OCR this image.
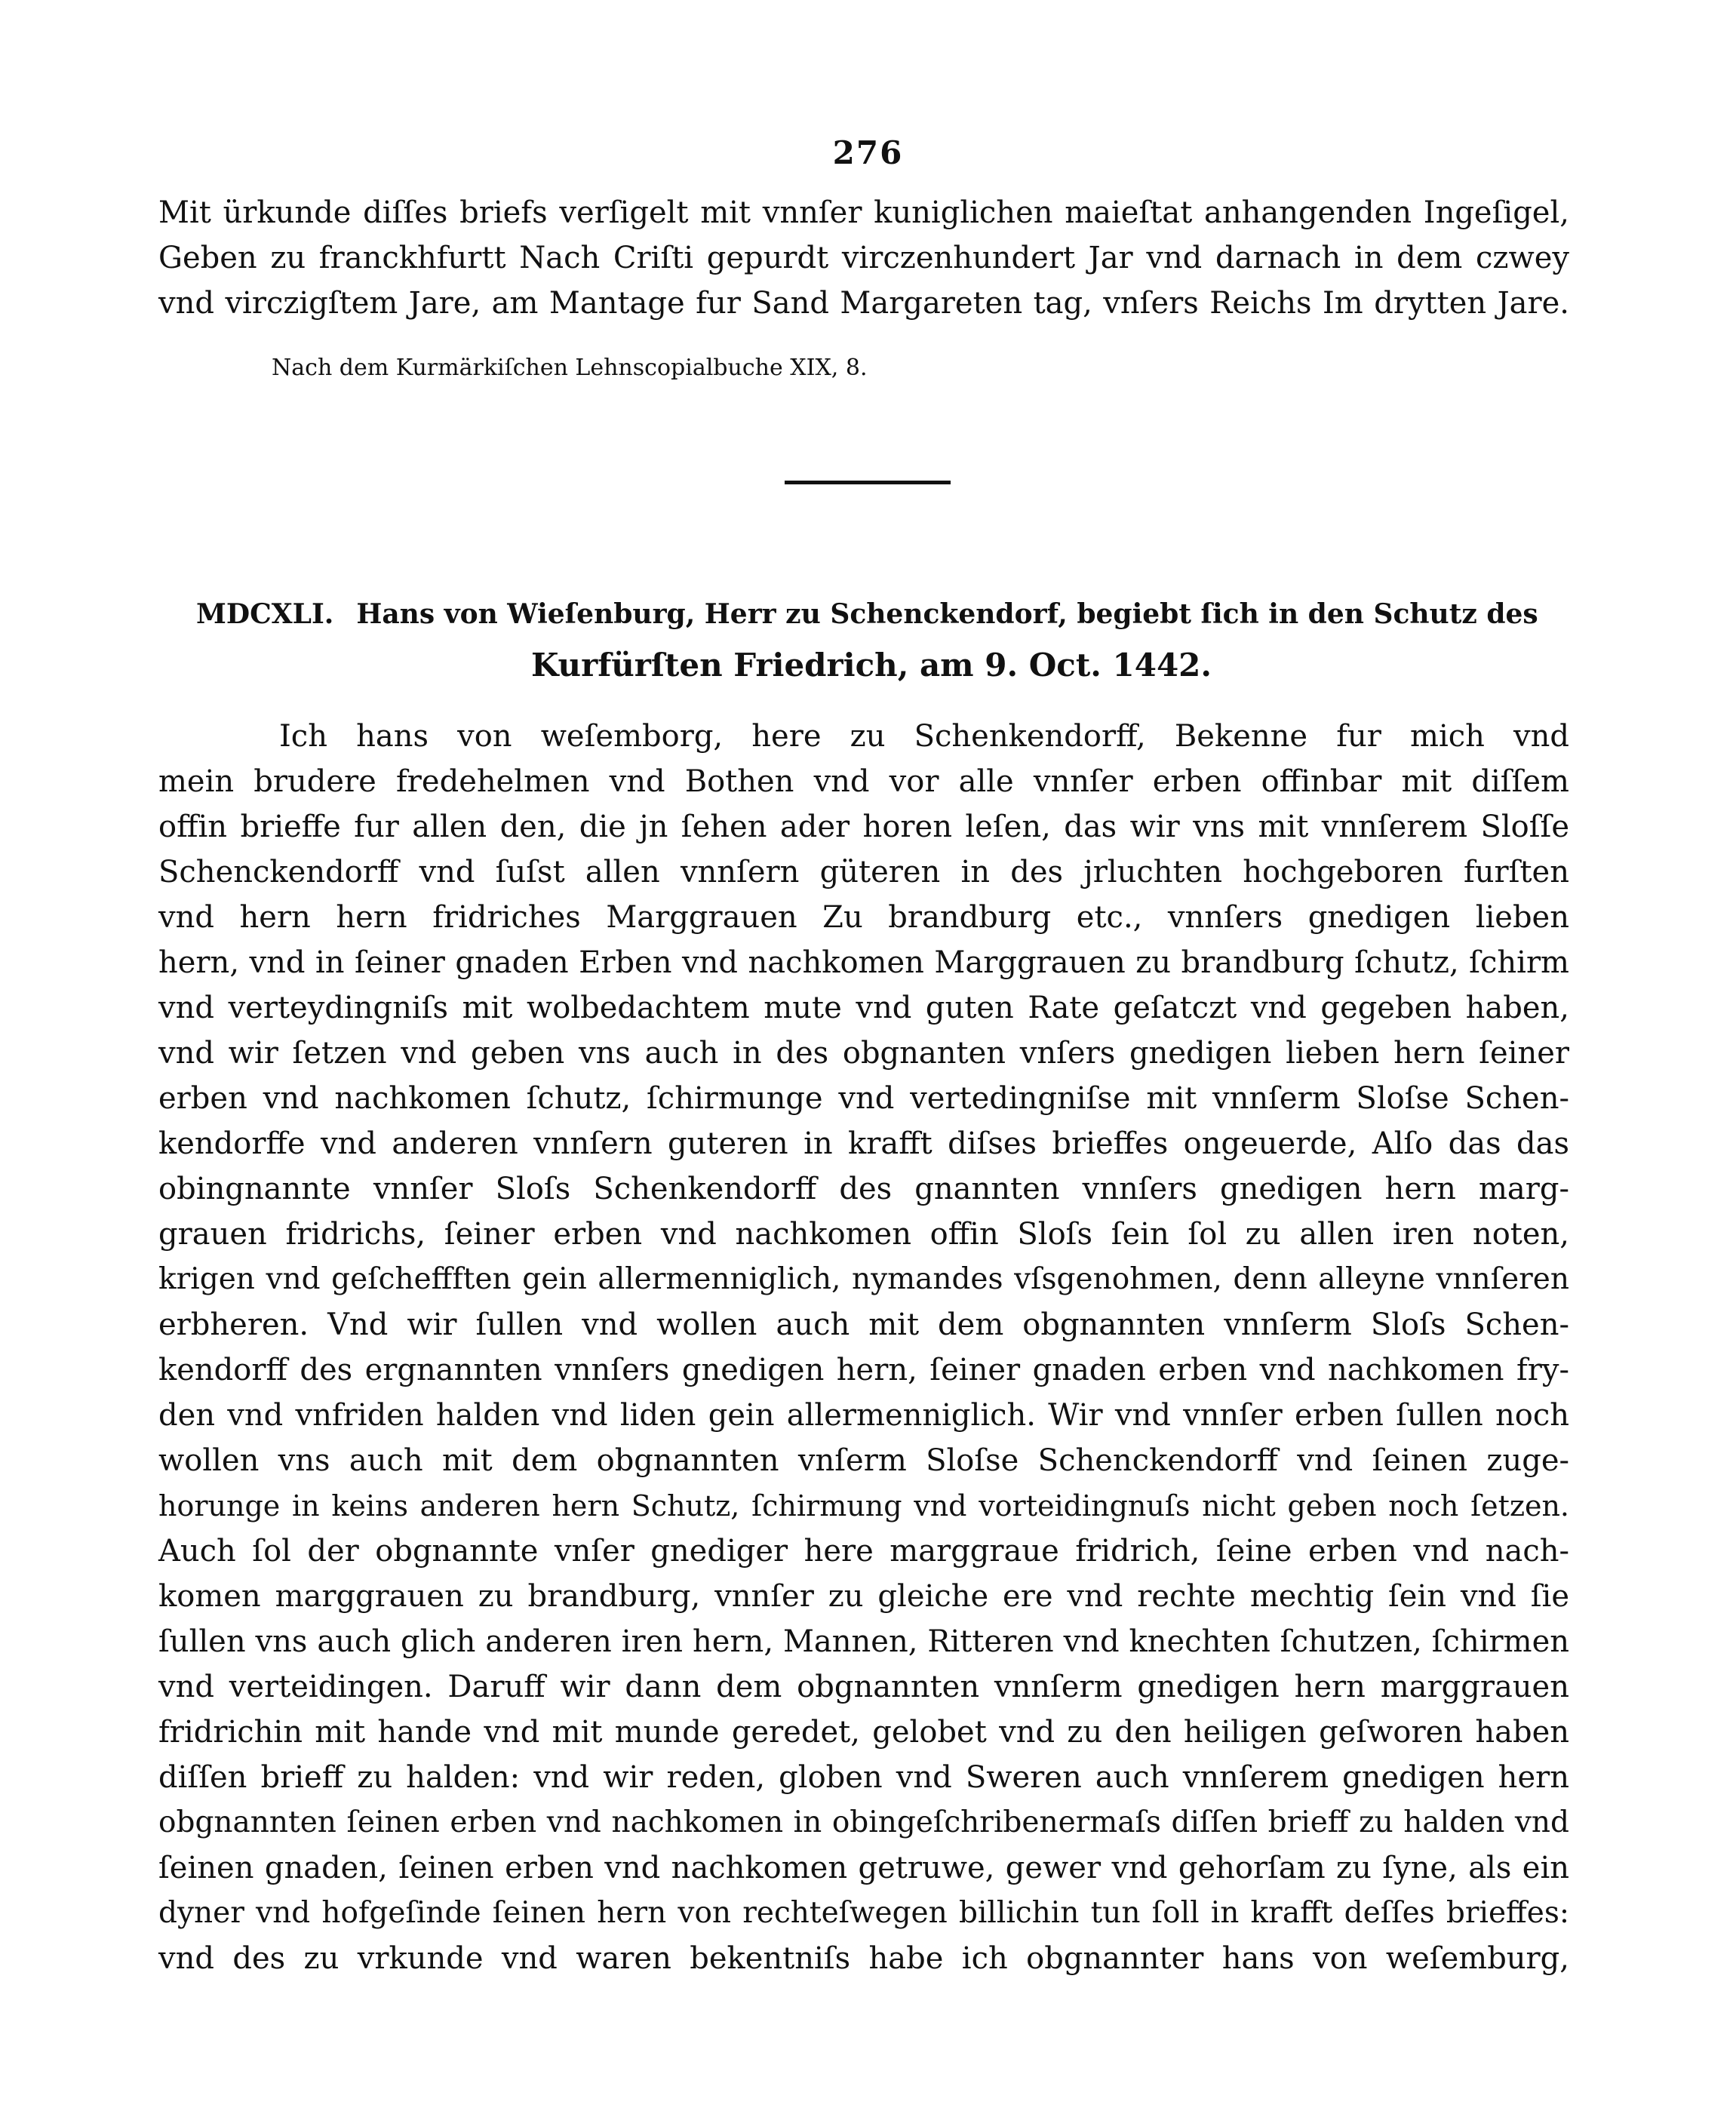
276
Mit ürkunde diſſes briefs verſigelt mit vnnſer kuniglichen maieſtat anhangenden Ingeſigel,
Geben zu franckhfurtt Nach Criſti gepurdt virczenhundert Jar vnd darnach in dem czwey
vnd virczigſtem Jare, am Mantage fur Sand Margareten tag, vnſers Reichs Im drytten Jare.
Nach dem Kurmärkiſchen Lehnscopialbuche XIX, 8.
MDCXLI. Hans von Wieſenburg, Herr zu Schenckendorf, begiebt ſich in den Schutz des
Kurfürſten Friedrich, am 9. Oct. 1442.
Ich hans von weſemborg, here zu Schenkendorff, Bekenne fur mich vnd
mein brudere fredehelmen vnd Bothen vnd vor alle vnnſer erben offinbar mit diſſem
offin brieffe fur allen den, die jn ſehen ader horen leſen, das wir vns mit vnnſerem Sloſſe
Schenckendorff vnd ſuſst allen vnnſern güteren in des jrluchten hochgeboren furſten
vnd hern hern fridriches Marggrauen Zu brandburg etc., vnnſers gnedigen lieben
hern, vnd in ſeiner gnaden Erben vnd nachkomen Marggrauen zu brandburg ſchutz, ſchirm
vnd verteydingniſs mit wolbedachtem mute vnd guten Rate geſatczt vnd gegeben haben,
vnd wir ſetzen vnd geben vns auch in des obgnanten vnſers gnedigen lieben hern ſeiner
erben vnd nachkomen ſchutz, ſchirmunge vnd vertedingniſse mit vnnſerm Sloſse Schen-
kendorffe vnd anderen vnnſern guteren in krafft diſses brieffes ongeuerde, Alſo das das
obingnannte vnnſer Sloſs Schenkendorff des gnannten vnnſers gnedigen hern marg-
grauen fridrichs, ſeiner erben vnd nachkomen offin Sloſs ſein ſol zu allen iren noten,
krigen vnd geſcheffften gein allermenniglich, nymandes vſsgenohmen, denn alleyne vnnſeren
erbheren. Vnd wir ſullen vnd wollen auch mit dem obgnannten vnnſerm Sloſs Schen-
kendorff des ergnannten vnnſers gnedigen hern, ſeiner gnaden erben vnd nachkomen fry-
den vnd vnfriden halden vnd liden gein allermenniglich. Wir vnd vnnſer erben ſullen noch
wollen vns auch mit dem obgnannten vnſerm Sloſse Schenckendorff vnd ſeinen zuge-
horunge in keins anderen hern Schutz, ſchirmung vnd vorteidingnuſs nicht geben noch ſetzen.
Auch ſol der obgnannte vnſer gnediger here marggraue fridrich, ſeine erben vnd nach-
komen marggrauen zu brandburg, vnnſer zu gleiche ere vnd rechte mechtig ſein vnd ſie
ſullen vns auch glich anderen iren hern, Mannen, Ritteren vnd knechten ſchutzen, ſchirmen
vnd verteidingen. Daruff wir dann dem obgnannten vnnſerm gnedigen hern marggrauen
fridrichin mit hande vnd mit munde geredet, gelobet vnd zu den heiligen geſworen haben
diſſen brieff zu halden: vnd wir reden, globen vnd Sweren auch vnnſerem gnedigen hern
obgnannten ſeinen erben vnd nachkomen in obingeſchribenermaſs diſſen brieff zu halden vnd
ſeinen gnaden, ſeinen erben vnd nachkomen getruwe, gewer vnd gehorſam zu ſyne, als ein
dyner vnd hofgeſinde ſeinen hern von rechteſwegen billichin tun ſoll in krafft deſſes brieffes:
vnd des zu vrkunde vnd waren bekentniſs habe ich obgnannter hans von weſemburg,
